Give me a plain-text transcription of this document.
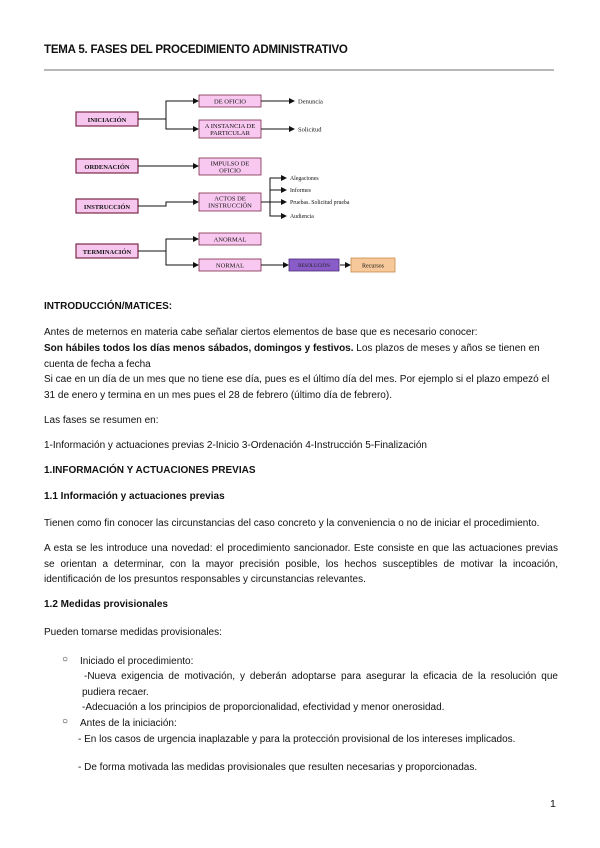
TEMA 5. FASES DEL PROCEDIMIENTO ADMINISTRATIVO
INICIACIÓN
ORDENACIÓN
INSTRUCCIÓN
TERMINACIÓN
DE OFICIO
A INSTANCIA DE
PARTICULAR
IMPULSO DE
OFICIO
ACTOS DE
INSTRUCCIÓN
ANORMAL
NORMAL
Denuncia
Solicitud
Alegaciones
Informes
Pruebas. Solicitud prueba
Audiencia
RESOLUCIÓN	Recursos
INTRODUCCIÓN/MATICES:
Antes de meternos en materia cabe señalar ciertos elementos de base que es necesario conocer:
Son hábiles todos los días menos sábados, domingos y festivos. Los plazos de meses y años se tienen en cuenta de fecha a fecha
Si cae en un día de un mes que no tiene ese día, pues es el último día del mes. Por ejemplo si el plazo empezó el 31 de enero y termina en un mes pues el 28 de febrero (último día de febrero).
Las fases se resumen en:
1-Información y actuaciones previas 2-Inicio 3-Ordenación 4-Instrucción 5-Finalización
1.INFORMACIÓN Y ACTUACIONES PREVIAS
1.1 Información y actuaciones previas
Tienen como fin conocer las circunstancias del caso concreto y la conveniencia o no de iniciar el procedimiento.
A esta se les introduce una novedad: el procedimiento sancionador. Este consiste en que las actuaciones previas se orientan a determinar, con la mayor precisión posible, los hechos susceptibles de motivar la incoación, identificación de los presuntos responsables y circunstancias relevantes.
1.2 Medidas provisionales
Pueden tomarse medidas provisionales:
○ Iniciado el procedimiento:
-Nueva exigencia de motivación, y deberán adoptarse para asegurar la eficacia de la resolución que pudiera recaer.
-Adecuación a los principios de proporcionalidad, efectividad y menor onerosidad.
○ Antes de la iniciación:
- En los casos de urgencia inaplazable y para la protección provisional de los intereses implicados.
- De forma motivada las medidas provisionales que resulten necesarias y proporcionadas.
1
